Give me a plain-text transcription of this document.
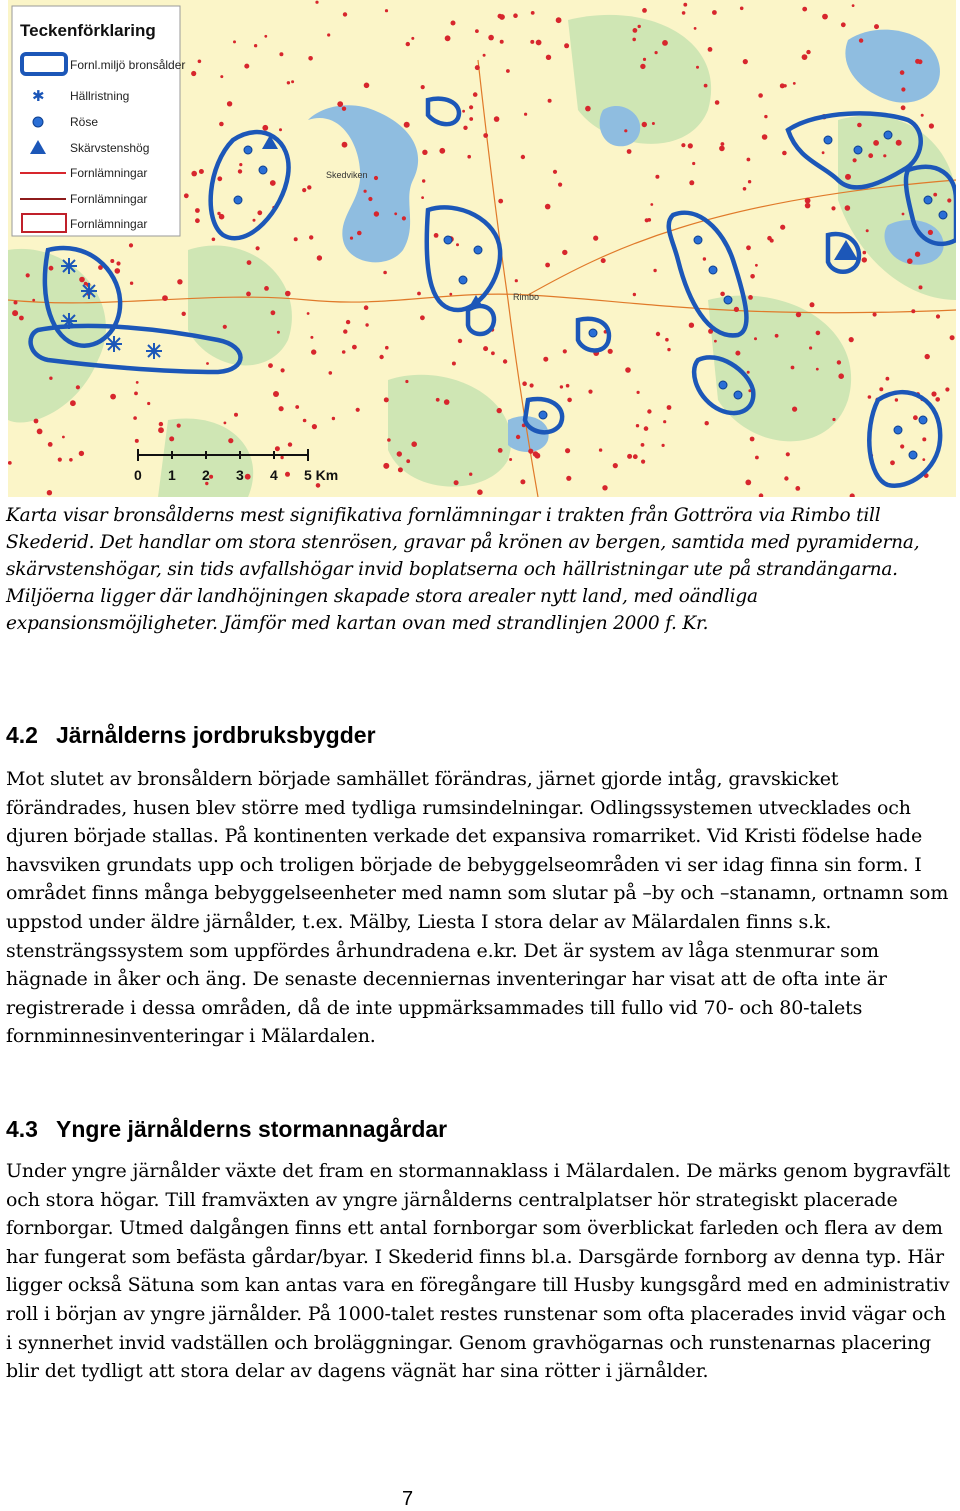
Skedviken
Rimbo
Teckenförklaring
Fornl.miljö bronsålder
✱ Hällristning
Röse
Skärvstenshög
Fornlämningar
Fornlämningar
Fornlämningar
0 1 2 3 4 5 Km

Karta visar bronsålderns mest signifikativa fornlämningar i trakten från Gottröra via Rimbo till Skederid. Det handlar om stora stenrösen, gravar på krönen av bergen, samtida med pyramiderna, skärvstenshögar, sin tids avfallshögar invid boplatserna och hällristningar ute på strandängarna. Miljöerna ligger där landhöjningen skapade stora arealer nytt land, med oändliga expansionsmöjligheter. Jämför med kartan ovan med strandlinjen 2000 f. Kr.

4.2 Järnålderns jordbruksbygder

Mot slutet av bronsåldern började samhället förändras, järnet gjorde intåg, gravskicket förändrades, husen blev större med tydliga rumsindelningar. Odlingssystemen utvecklades och djuren började stallas. På kontinenten verkade det expansiva romarriket. Vid Kristi födelse hade havsviken grundats upp och troligen började de bebyggelseområden vi ser idag finna sin form. I området finns många bebyggelseenheter med namn som slutar på –by och –stanamn, ortnamn som uppstod under äldre järnålder, t.ex. Mälby, Liesta I stora delar av Mälardalen finns s.k. stensträngssystem som uppfördes århundradena e.kr. Det är system av låga stenmurar som hägnade in åker och äng. De senaste decenniernas inventeringar har visat att de ofta inte är registrerade i dessa områden, då de inte uppmärksammades till fullo vid 70- och 80-talets fornminnesinventeringar i Mälardalen.

4.3 Yngre järnålderns stormannagårdar

Under yngre järnålder växte det fram en stormannaklass i Mälardalen. De märks genom bygravfält och stora högar. Till framväxten av yngre järnålderns centralplatser hör strategiskt placerade fornborgar. Utmed dalgången finns ett antal fornborgar som överblickat farleden och flera av dem har fungerat som befästa gårdar/byar. I Skederid finns bl.a. Darsgärde fornborg av denna typ. Här ligger också Sätuna som kan antas vara en föregångare till Husby kungsgård med en administrativ roll i början av yngre järnålder. På 1000-talet restes runstenar som ofta placerades invid vägar och i synnerhet invid vadställen och broläggningar. Genom gravhögarnas och runstenarnas placering blir det tydligt att stora delar av dagens vägnät har sina rötter i järnålder.

7
